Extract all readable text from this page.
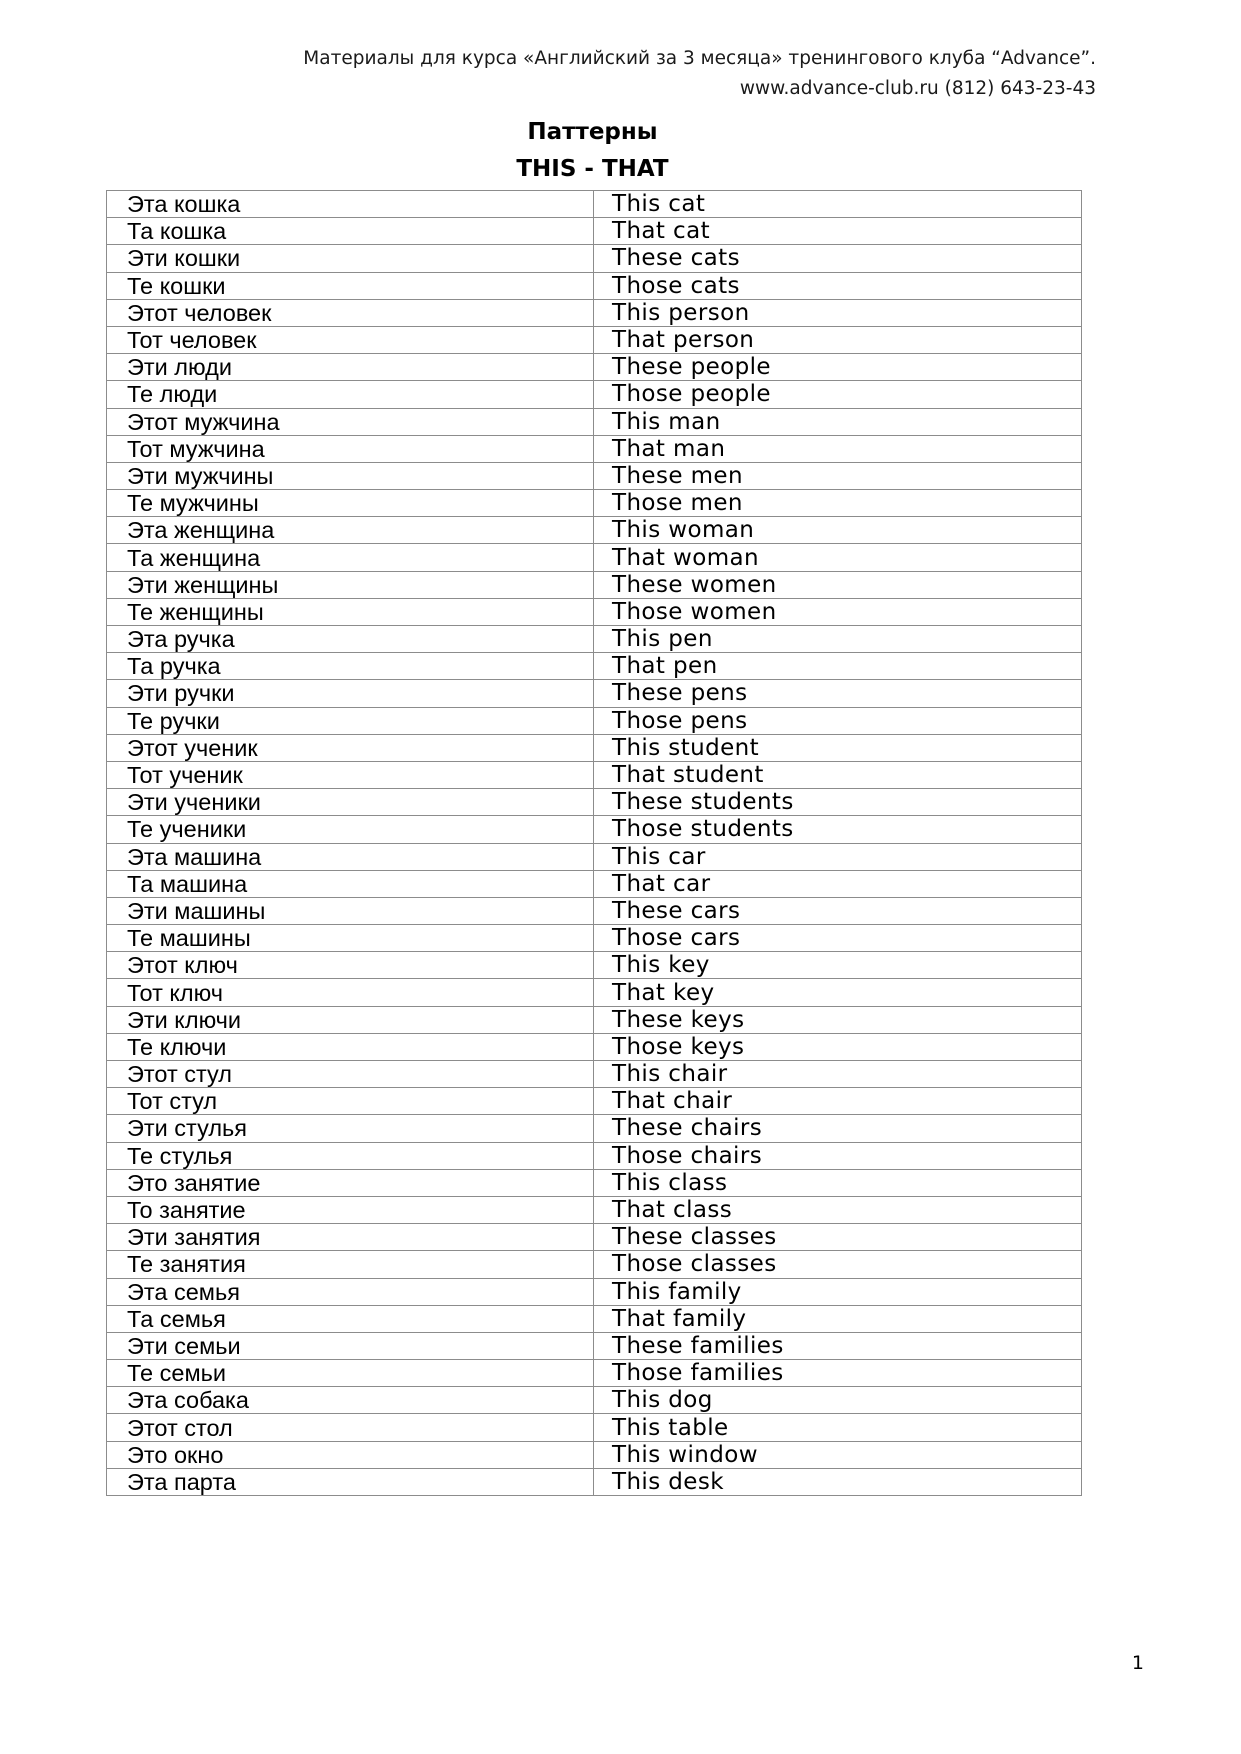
Материалы для курса «Английский за 3 месяца» тренингового клуба “Advance”.
www.advance-club.ru (812) 643-23-43
Паттерны
THIS - THAT
Эта кошка	This cat
Та кошка	That cat
Эти кошки	These cats
Те кошки	Those cats
Этот человек	This person
Тот человек	That person
Эти люди	These people
Те люди	Those people
Этот мужчина	This man
Тот мужчина	That man
Эти мужчины	These men
Те мужчины	Those men
Эта женщина	This woman
Та женщина	That woman
Эти женщины	These women
Те женщины	Those women
Эта ручка	This pen
Та ручка	That pen
Эти ручки	These pens
Те ручки	Those pens
Этот ученик	This student
Тот ученик	That student
Эти ученики	These students
Те ученики	Those students
Эта машина	This car
Та машина	That car
Эти машины	These cars
Те машины	Those cars
Этот ключ	This key
Тот ключ	That key
Эти ключи	These keys
Те ключи	Those keys
Этот стул	This chair
Тот стул	That chair
Эти стулья	These chairs
Те стулья	Those chairs
Это занятие	This class
То занятие	That class
Эти занятия	These classes
Те занятия	Those classes
Эта семья	This family
Та семья	That family
Эти семьи	These families
Те семьи	Those families
Эта собака	This dog
Этот стол	This table
Это окно	This window
Эта парта	This desk
1
